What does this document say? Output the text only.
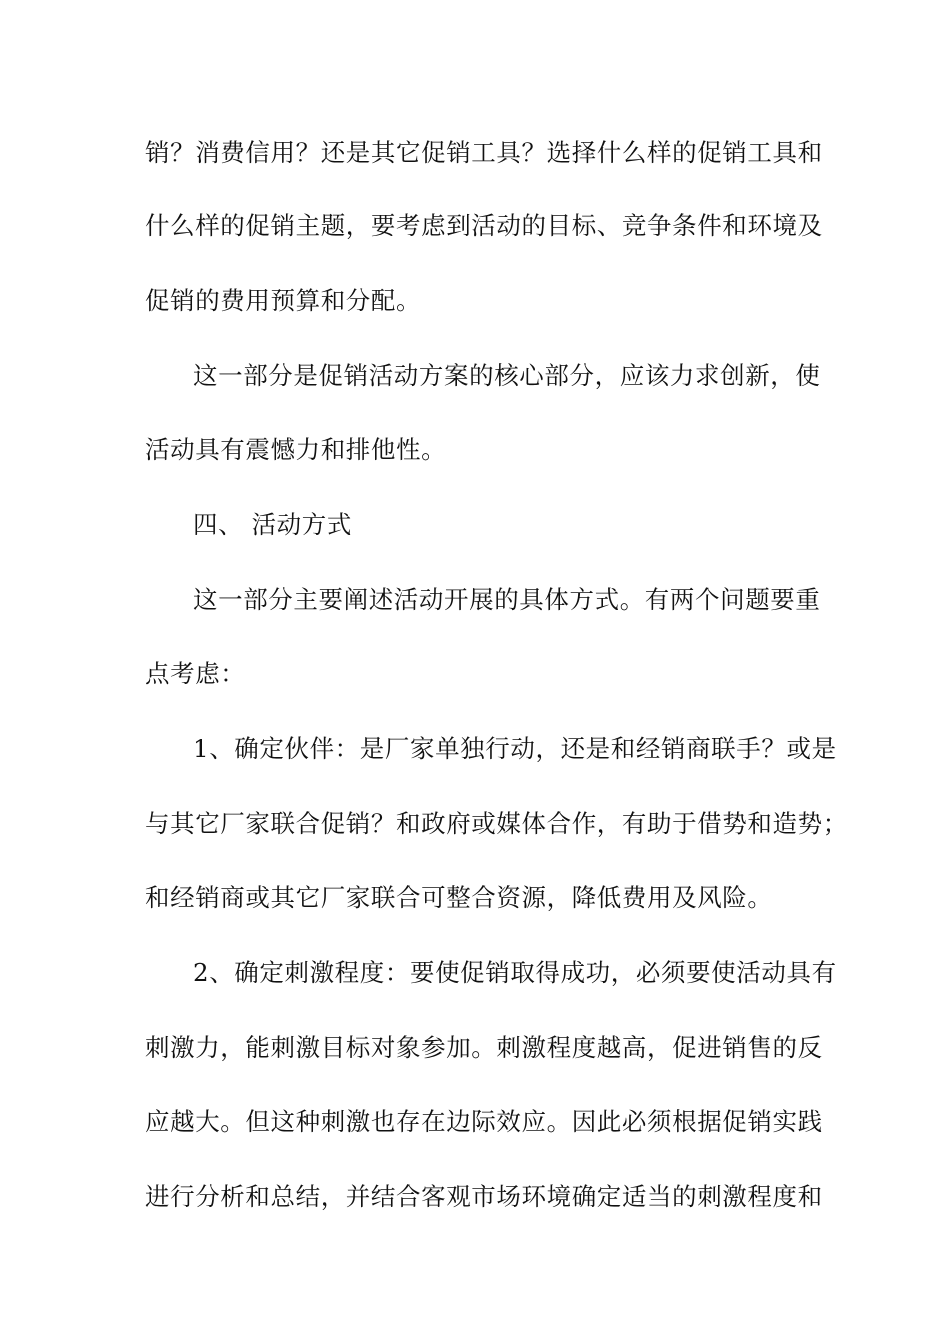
销？消费信用？还是其它促销工具？选择什么样的促销工具和
什么样的促销主题，要考虑到活动的目标、竞争条件和环境及
促销的费用预算和分配。
这一部分是促销活动方案的核心部分，应该力求创新，使
活动具有震憾力和排他性。
四、 活动方式
这一部分主要阐述活动开展的具体方式。有两个问题要重
点考虑：
1、确定伙伴：是厂家单独行动，还是和经销商联手？或是
与其它厂家联合促销？和政府或媒体合作，有助于借势和造势；
和经销商或其它厂家联合可整合资源，降低费用及风险。
2、确定刺激程度：要使促销取得成功，必须要使活动具有
刺激力，能刺激目标对象参加。刺激程度越高，促进销售的反
应越大。但这种刺激也存在边际效应。因此必须根据促销实践
进行分析和总结，并结合客观市场环境确定适当的刺激程度和
